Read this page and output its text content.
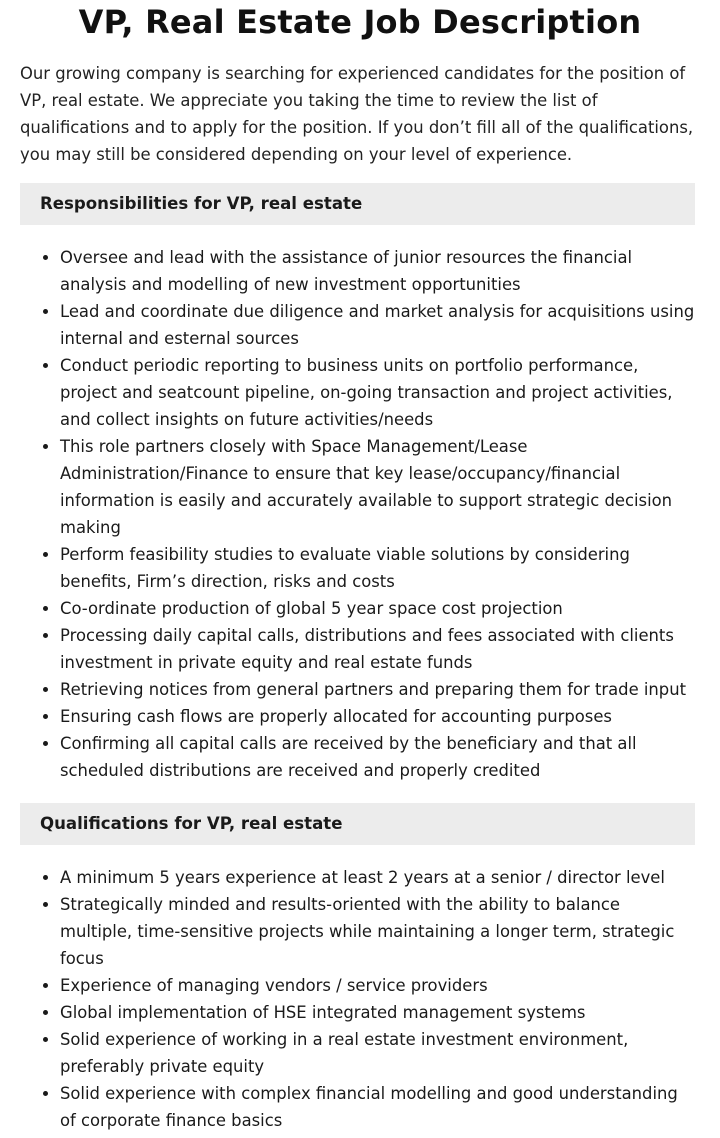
VP, Real Estate Job Description

Our growing company is searching for experienced candidates for the position of VP, real estate. We appreciate you taking the time to review the list of qualifications and to apply for the position. If you don’t fill all of the qualifications, you may still be considered depending on your level of experience.

Responsibilities for VP, real estate
• Oversee and lead with the assistance of junior resources the financial analysis and modelling of new investment opportunities
• Lead and coordinate due diligence and market analysis for acquisitions using internal and esternal sources
• Conduct periodic reporting to business units on portfolio performance, project and seatcount pipeline, on-going transaction and project activities, and collect insights on future activities/needs
• This role partners closely with Space Management/Lease Administration/Finance to ensure that key lease/occupancy/financial information is easily and accurately available to support strategic decision making
• Perform feasibility studies to evaluate viable solutions by considering benefits, Firm’s direction, risks and costs
• Co-ordinate production of global 5 year space cost projection
• Processing daily capital calls, distributions and fees associated with clients investment in private equity and real estate funds
• Retrieving notices from general partners and preparing them for trade input
• Ensuring cash flows are properly allocated for accounting purposes
• Confirming all capital calls are received by the beneficiary and that all scheduled distributions are received and properly credited
Qualifications for VP, real estate
• A minimum 5 years experience at least 2 years at a senior / director level
• Strategically minded and results-oriented with the ability to balance multiple, time-sensitive projects while maintaining a longer term, strategic focus
• Experience of managing vendors / service providers
• Global implementation of HSE integrated management systems
• Solid experience of working in a real estate investment environment, preferably private equity
• Solid experience with complex financial modelling and good understanding of corporate finance basics
